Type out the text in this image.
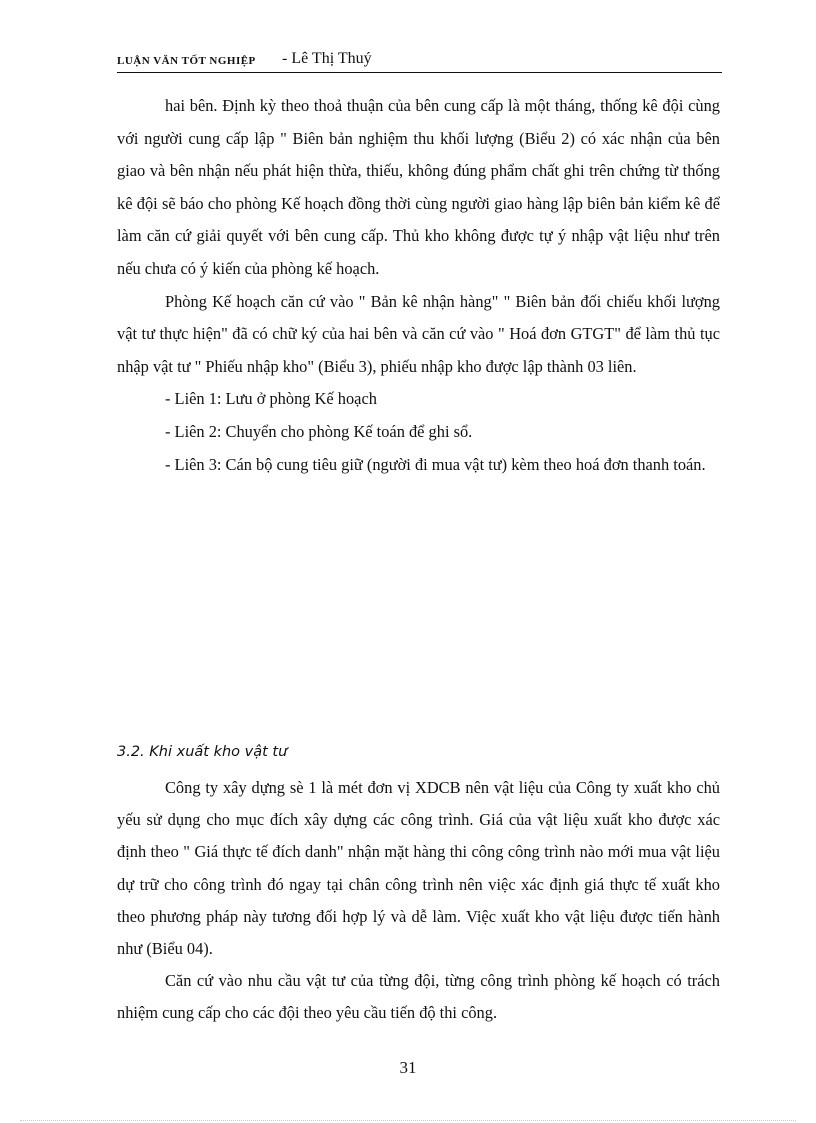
LUẬN VĂN TỐT NGHIỆP - Lê Thị Thuý

hai bên. Định kỳ theo thoả thuận của bên cung cấp là một tháng, thống kê đội cùng với người cung cấp lập " Biên bản nghiệm thu khối lượng (Biểu 2) có xác nhận của bên giao và bên nhận nếu phát hiện thừa, thiếu, không đúng phẩm chất ghi trên chứng từ thống kê đội sẽ báo cho phòng Kế hoạch đồng thời cùng người giao hàng lập biên bản kiểm kê để làm căn cứ giải quyết với bên cung cấp. Thủ kho không được tự ý nhập vật liệu như trên nếu chưa có ý kiến của phòng kế hoạch.

Phòng Kế hoạch căn cứ vào " Bản kê nhận hàng" " Biên bản đối chiếu khối lượng vật tư thực hiện" đã có chữ ký của hai bên và căn cứ vào " Hoá đơn GTGT" để làm thủ tục nhập vật tư " Phiếu nhập kho" (Biểu 3), phiếu nhập kho được lập thành 03 liên.

- Liên 1: Lưu ở phòng Kế hoạch

- Liên 2: Chuyển cho phòng Kế toán để ghi sổ.

- Liên 3: Cán bộ cung tiêu giữ (người đi mua vật tư) kèm theo hoá đơn thanh toán.

3.2. Khi xuất kho vật tư

Công ty xây dựng sè 1 là mét đơn vị XDCB nên vật liệu của Công ty xuất kho chủ yếu sử dụng cho mục đích xây dựng các công trình. Giá của vật liệu xuất kho được xác định theo " Giá thực tế đích danh" nhận mặt hàng thi công công trình nào mới mua vật liệu dự trữ cho công trình đó ngay tại chân công trình nên việc xác định giá thực tế xuất kho theo phương pháp này tương đối hợp lý và dễ làm. Việc xuất kho vật liệu được tiến hành như (Biểu 04).

Căn cứ vào nhu cầu vật tư của từng đội, từng công trình phòng kế hoạch có trách nhiệm cung cấp cho các đội theo yêu cầu tiến độ thi công.

31
